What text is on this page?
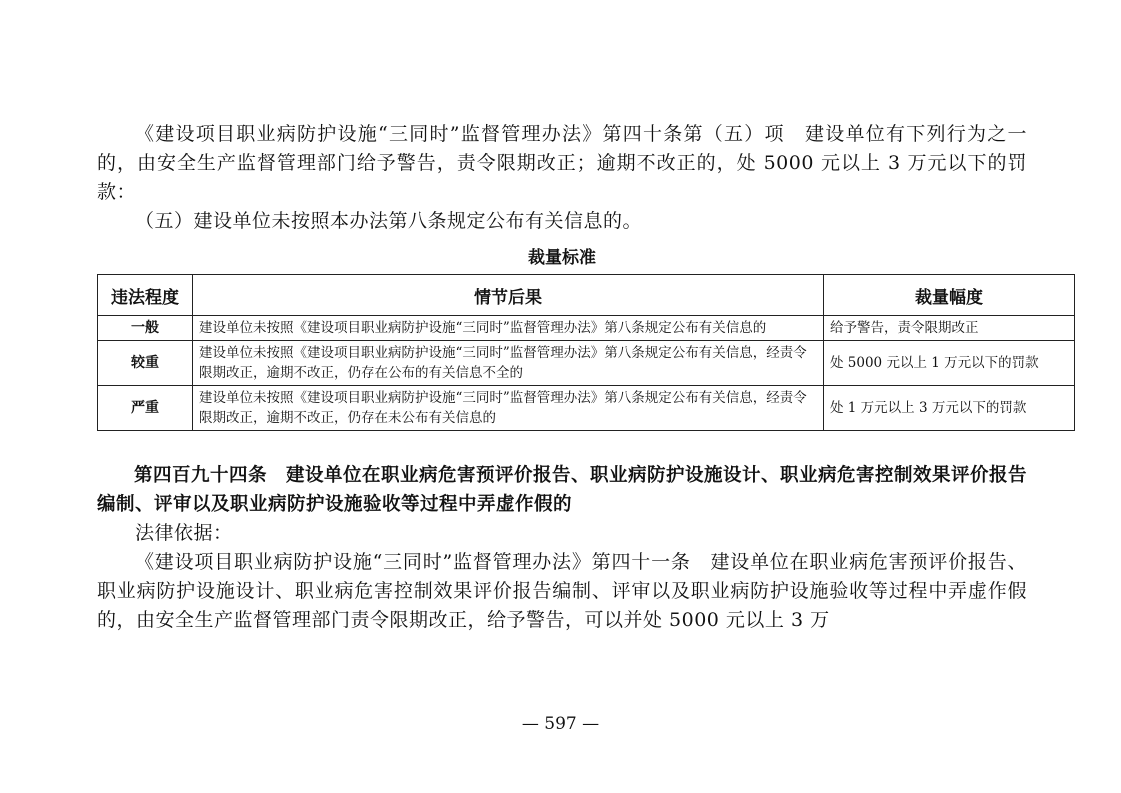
《建设项目职业病防护设施“三同时”监督管理办法》第四十条第（五）项　建设单位有下列行为之一的，由安全生产监督管理部门给予警告，责令限期改正；逾期不改正的，处 5000 元以上 3 万元以下的罚款：

（五）建设单位未按照本办法第八条规定公布有关信息的。

裁量标准

违法程度	情节后果	裁量幅度
一般	建设单位未按照《建设项目职业病防护设施“三同时”监督管理办法》第八条规定公布有关信息的	给予警告，责令限期改正
较重	建设单位未按照《建设项目职业病防护设施“三同时”监督管理办法》第八条规定公布有关信息，经责令限期改正，逾期不改正，仍存在公布的有关信息不全的	处 5000 元以上 1 万元以下的罚款
严重	建设单位未按照《建设项目职业病防护设施“三同时”监督管理办法》第八条规定公布有关信息，经责令限期改正，逾期不改正，仍存在未公布有关信息的	处 1 万元以上 3 万元以下的罚款

第四百九十四条　建设单位在职业病危害预评价报告、职业病防护设施设计、职业病危害控制效果评价报告编制、评审以及职业病防护设施验收等过程中弄虚作假的

法律依据：

《建设项目职业病防护设施“三同时”监督管理办法》第四十一条　建设单位在职业病危害预评价报告、职业病防护设施设计、职业病危害控制效果评价报告编制、评审以及职业病防护设施验收等过程中弄虚作假的，由安全生产监督管理部门责令限期改正，给予警告，可以并处 5000 元以上 3 万

— 597 —
